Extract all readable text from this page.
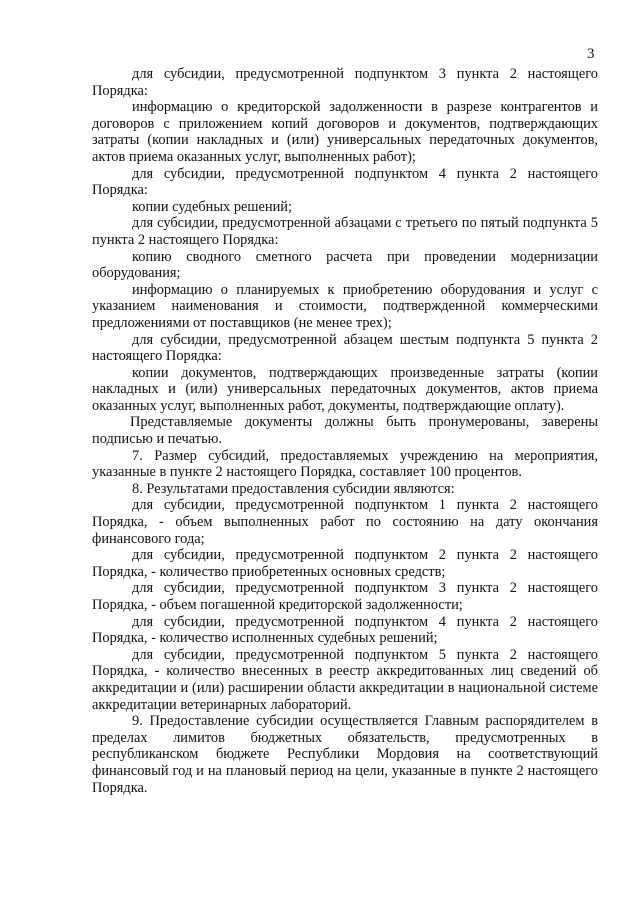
3

для субсидии, предусмотренной подпунктом 3 пункта 2 настоящего Порядка:

информацию о кредиторской задолженности в разрезе контрагентов и договоров с приложением копий договоров и документов, подтверждающих затраты (копии накладных и (или) универсальных передаточных документов, актов приема оказанных услуг, выполненных работ);

для субсидии, предусмотренной подпунктом 4 пункта 2 настоящего Порядка:

копии судебных решений;

для субсидии, предусмотренной абзацами с третьего по пятый подпункта 5 пункта 2 настоящего Порядка:

копию сводного сметного расчета при проведении модернизации оборудования;

информацию о планируемых к приобретению оборудования и услуг с указанием наименования и стоимости, подтвержденной коммерческими предложениями от поставщиков (не менее трех);

для субсидии, предусмотренной абзацем шестым подпункта 5 пункта 2 настоящего Порядка:

копии документов, подтверждающих произведенные затраты (копии накладных и (или) универсальных передаточных документов, актов приема оказанных услуг, выполненных работ, документы, подтверждающие оплату).

Представляемые документы должны быть пронумерованы, заверены подписью и печатью.

7. Размер субсидий, предоставляемых учреждению на мероприятия, указанные в пункте 2 настоящего Порядка, составляет 100 процентов.

8. Результатами предоставления субсидии являются:

для субсидии, предусмотренной подпунктом 1 пункта 2 настоящего Порядка, - объем выполненных работ по состоянию на дату окончания финансового года;

для субсидии, предусмотренной подпунктом 2 пункта 2 настоящего Порядка, - количество приобретенных основных средств;

для субсидии, предусмотренной подпунктом 3 пункта 2 настоящего Порядка, - объем погашенной кредиторской задолженности;

для субсидии, предусмотренной подпунктом 4 пункта 2 настоящего Порядка, - количество исполненных судебных решений;

для субсидии, предусмотренной подпунктом 5 пункта 2 настоящего Порядка, - количество внесенных в реестр аккредитованных лиц сведений об аккредитации и (или) расширении области аккредитации в национальной системе аккредитации ветеринарных лабораторий.

9. Предоставление субсидии осуществляется Главным распорядителем в пределах лимитов бюджетных обязательств, предусмотренных в республиканском бюджете Республики Мордовия на соответствующий финансовый год и на плановый период на цели, указанные в пункте 2 настоящего Порядка.
